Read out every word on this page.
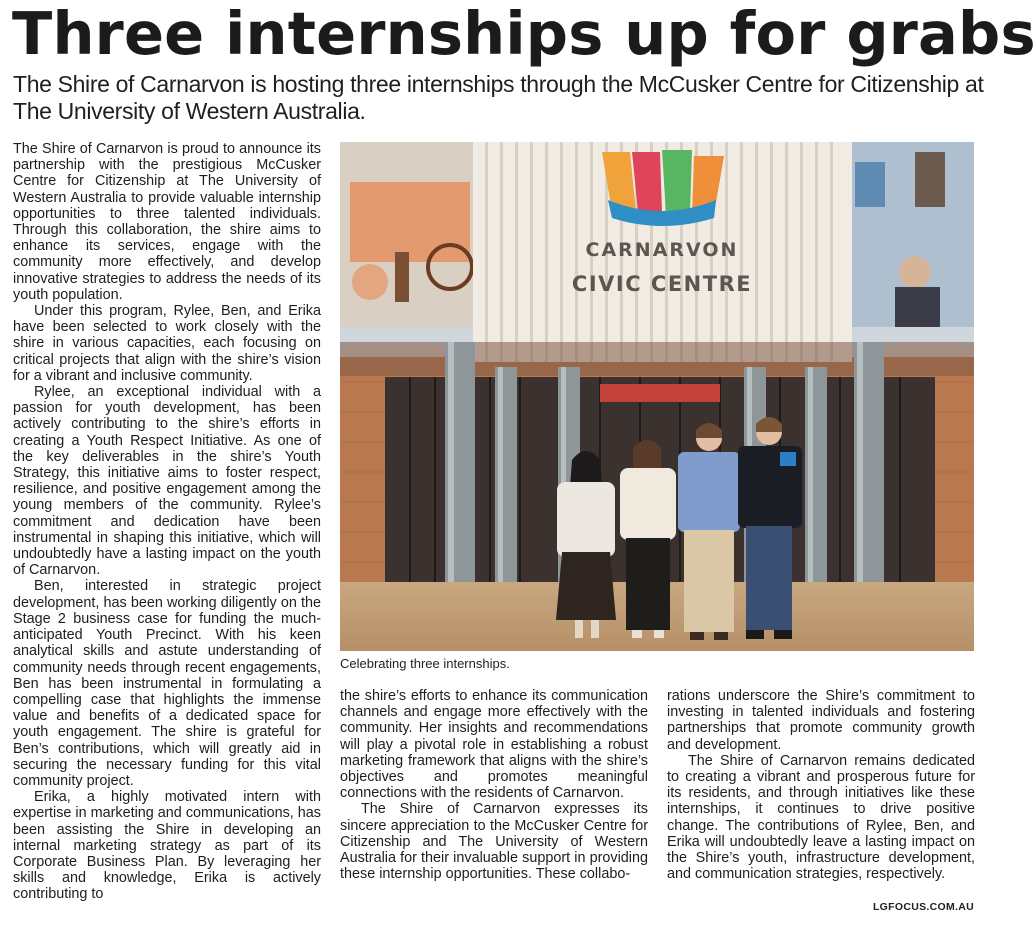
Three internships up for grabs

The Shire of Carnarvon is hosting three internships through the McCusker Centre for Citizenship at The University of Western Australia.

The Shire of Carnarvon is proud to announce its partnership with the prestigious McCusker Centre for Citizenship at The University of Western Australia to provide valuable internship opportunities to three talented individuals. Through this collaboration, the shire aims to enhance its services, engage with the community more effectively, and develop innovative strategies to address the needs of its youth population.

Under this program, Rylee, Ben, and Erika have been selected to work closely with the shire in various capacities, each focusing on critical projects that align with the shire’s vision for a vibrant and inclusive community.

Rylee, an exceptional individual with a passion for youth development, has been actively contributing to the shire’s efforts in creating a Youth Respect Initiative. As one of the key deliverables in the shire’s Youth Strategy, this initiative aims to foster respect, resilience, and positive engagement among the young members of the community. Rylee’s commitment and dedication have been instrumental in shaping this initiative, which will undoubtedly have a lasting impact on the youth of Carnarvon.

Ben, interested in strategic project development, has been working diligently on the Stage 2 business case for funding the much-anticipated Youth Precinct. With his keen analytical skills and astute understanding of community needs through recent engagements, Ben has been instrumental in formulating a compelling case that highlights the immense value and benefits of a dedicated space for youth engagement. The shire is grateful for Ben’s contributions, which will greatly aid in securing the necessary funding for this vital community project.

Erika, a highly motivated intern with expertise in marketing and communications, has been assisting the Shire in developing an internal marketing strategy as part of its Corporate Business Plan. By leveraging her skills and knowledge, Erika is actively contributing to

CARNARVON
CIVIC CENTRE
Celebrating three internships.

the shire’s efforts to enhance its communication channels and engage more effectively with the community. Her insights and recommendations will play a pivotal role in establishing a robust marketing framework that aligns with the shire’s objectives and promotes meaningful connections with the residents of Carnarvon.

The Shire of Carnarvon expresses its sincere appreciation to the McCusker Centre for Citizenship and The University of Western Australia for their invaluable support in providing these internship opportunities. These collabo-

rations underscore the Shire’s commitment to investing in talented individuals and fostering partnerships that promote community growth and development.

The Shire of Carnarvon remains dedicated to creating a vibrant and prosperous future for its residents, and through initiatives like these internships, it continues to drive positive change. The contributions of Rylee, Ben, and Erika will undoubtedly leave a lasting impact on the Shire’s youth, infrastructure development, and communication strategies, respectively.

LGFOCUS.COM.AU
